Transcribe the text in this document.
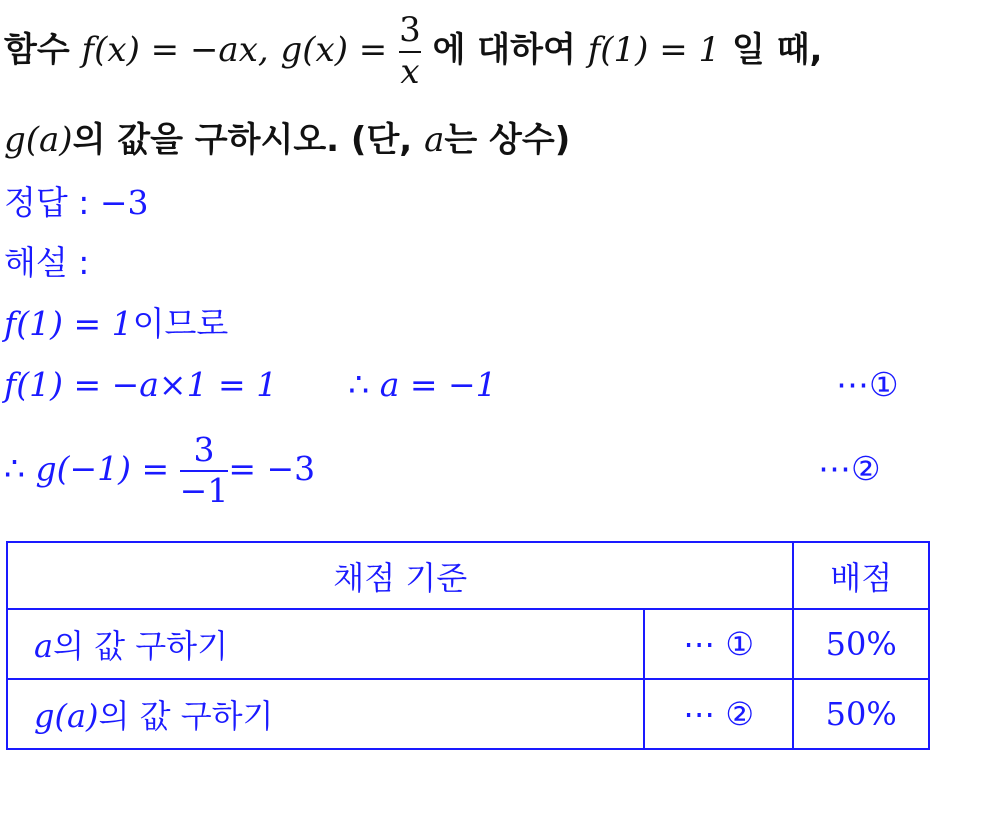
함수 f(x) = −ax, $g(x) = \frac{3}{x}$ 에 대하여 f(1) = 1 일 때,
g(a)의 값을 구하시오. (단, a는 상수)
정답 : −3
해설 :
f(1) = 1이므로
f(1) = −a×1 = 1 ∴ a = −1	⋯①
∴ $g(-1) = \frac{3}{-1} = -3$	⋯②
채점 기준		배점
a의 값 구하기	⋯ ①	50%
g(a)의 값 구하기	⋯ ②	50%
